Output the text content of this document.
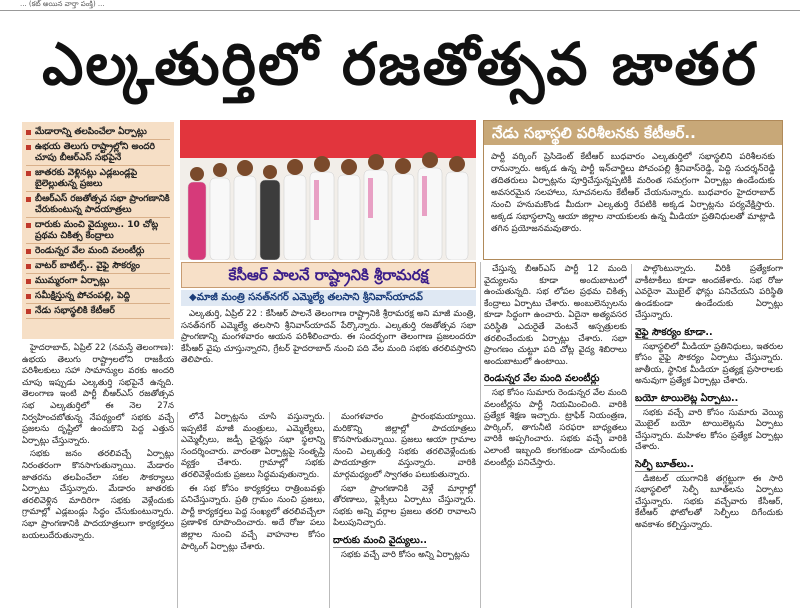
... (కట్ అయిన వార్తా పంక్తి) ...
ఎల్కతుర్తిలో రజతోత్సవ జాతర
మేడారాన్ని తలపించేలా ఏర్పాట్లు
ఉభయ తెలుగు రాష్ట్రాల్లోని అందరి చూపు బీఆర్ఎస్ సభపైనే
జాతరకు వెళ్లినట్లు ఎడ్లబండ్లపై బైలెల్లుతున్న ప్రజలు
బీఆర్ఎస్ రజతోత్సవ సభా ప్రాంగణానికి చేరుకుంటున్న పాదయాత్రలు
దారుకు మంచి వైద్యులు.. 10 చోట్ల ప్రథమ చికిత్స కేంద్రాలు
రెండున్నర వేల మంది వలంటీర్లు
వాటర్ బాటిల్స్.. వైఫై సౌకర్యం
ముమ్మరంగా ఏర్పాట్లు
సమీక్షిస్తున్న పోచంపల్లి, పెద్ది
నేడు సభాస్థలికి కేటీఆర్
కేసీఆర్ పాలనే రాష్ట్రానికి శ్రీరామరక్ష
◆ మాజీ మంత్రి సనత్‌నగర్ ఎమ్మెల్యే తలసాని శ్రీనివాస్‌యాదవ్
నేడు సభాస్థలి పరిశీలనకు కేటీఆర్..
పార్టీ వర్కింగ్ ప్రెసిడెంట్ కేటీఆర్ బుధవారం ఎల్కతుర్తిలో సభాస్థలిని పరిశీలనకు రానున్నారు. అక్కడ ఉన్న పార్టీ ఇన్‌చార్జిలు పోచంపల్లి శ్రీనివాస్‌రెడ్డి, పెద్ది సుదర్శన్‌రెడ్డి తదితరులు ఏర్పాట్లను పూర్తిచేస్తున్నప్పటికీ మరింత సమగ్రంగా ఏర్పాట్లు ఉండేందుకు అవసరమైన సలహాలు, సూచనలను కేటీఆర్ చేయనున్నారు. బుధవారం హైదరాబాద్ నుంచి హనుమకొండ మీదుగా ఎల్కతుర్తి రేపటికి అక్కడ ఏర్పాట్లను పర్యవేక్షిస్తారు. అక్కడ సభాస్థలాన్ని ఆయా జిల్లాల నాయకులకు ఉన్న మీడియా ప్రతినిధులతో మాట్లాడి తగిన ప్రయోజనమవుతారు.

ఎల్కతుర్తి, ఏప్రిల్ 22 : కేసీఆర్ పాలనే తెలంగాణ రాష్ట్రానికి శ్రీరామరక్ష అని మాజీ మంత్రి, సనత్‌నగర్ ఎమ్మెల్యే తలసాని శ్రీనివాస్‌యాదవ్ పేర్కొన్నారు. ఎల్కతుర్తి రజతోత్సవ సభా ప్రాంగణాన్ని మంగళవారం ఆయన పరిశీలించారు. ఈ సందర్భంగా తెలంగాణ ప్రజలందరూ కేసీఆర్ వైపు చూస్తున్నారని, గ్రేటర్ హైదరాబాద్ నుంచి పది వేల మంది సభకు తరలివస్తారని తెలిపారు.

హైదరాబాద్, ఏప్రిల్ 22 (నమస్తే తెలంగాణ): ఉభయ తెలుగు రాష్ట్రాలలోని రాజకీయ పరిశీలకులు సహా సామాన్యుల వరకు అందరి చూపు ఇప్పుడు ఎల్కతుర్తి సభపైనే ఉన్నది. తెలంగాణ ఇంటి పార్టీ బీఆర్ఎస్ రజతోత్సవ సభ ఎల్కతుర్తిలో ఈ నెల 27న నిర్వహించబోతున్న నేపథ్యంలో సభకు వచ్చే ప్రజలను దృష్టిలో ఉంచుకొని పెద్ద ఎత్తున ఏర్పాట్లు చేస్తున్నారు.

సభకు జనం తరలివచ్చే ఏర్పాట్లు నిరంతరంగా కొనసాగుతున్నాయి. మేడారం జాతరను తలపించేలా సకల సౌకర్యాలు ఏర్పాటు చేస్తున్నారు. మేడారం జాతరకు తరలివెళ్లిన మాదిరిగా సభకు వెళ్లేందుకు గ్రామాల్లో ఎడ్లబండ్లు సిద్ధం చేసుకుంటున్నారు. సభా ప్రాంగణానికి పాదయాత్రలుగా కార్యకర్తలు బయలుదేరుతున్నారు.

లోనే ఏర్పాట్లను చూసి వస్తున్నారు. ఇప్పటికే మాజీ మంత్రులు, ఎమ్మెల్యేలు, ఎమ్మెల్సీలు, జడ్పీ ఛైర్మన్లు సభా స్థలాన్ని సందర్శించారు. వారంతా ఏర్పాట్లపై సంతృప్తి వ్యక్తం చేశారు. గ్రామాల్లో సభకు తరలివెళ్లేందుకు ప్రజలు సిద్ధమవుతున్నారు.

ఈ సభ కోసం కార్యకర్తలు రాత్రింబవళ్లు పనిచేస్తున్నారు. ప్రతి గ్రామం నుంచి ప్రజలు, పార్టీ కార్యకర్తలు పెద్ద సంఖ్యలో తరలివచ్చేలా ప్రణాళిక రూపొందించారు. అదే రోజు పలు జిల్లాల నుంచి వచ్చే వాహనాల కోసం పార్కింగ్ ఏర్పాట్లు చేశారు.

మంగళవారం ప్రారంభమయ్యాయి. మరికొన్ని జిల్లాల్లో పాదయాత్రలు కొనసాగుతున్నాయి. ప్రజలు ఆయా గ్రామాల నుంచి ఎల్కతుర్తి సభకు తరలివెళ్లేందుకు పాదయాత్రగా వస్తున్నారు. వారికి మార్గమధ్యంలో స్వాగతం పలుకుతున్నారు.

సభా ప్రాంగణానికి వెళ్లే మార్గాల్లో తోరణాలు, ఫ్లెక్సీలు ఏర్పాటు చేస్తున్నారు. సభకు అన్ని వర్గాల ప్రజలు తరలి రావాలని పిలుపునిచ్చారు.

దారుకు మంచి వైద్యులు..

సభకు వచ్చే వారి కోసం అన్ని ఏర్పాట్లను

చేస్తున్న బీఆర్ఎస్ పార్టీ 12 మంది వైద్యులను కూడా అందుబాటులో ఉంచుతున్నది. సభ లోపల ప్రథమ చికిత్స కేంద్రాలు ఏర్పాటు చేశారు. అంబులెన్సులను కూడా సిద్ధంగా ఉంచారు. ఏదైనా అత్యవసర పరిస్థితి ఎదురైతే వెంటనే ఆస్పత్రులకు తరలించేందుకు ఏర్పాట్లు చేశారు. సభా ప్రాంగణం చుట్టూ పది చోట్ల వైద్య శిబిరాలు అందుబాటులో ఉంటాయి.

రెండున్నర వేల మంది వలంటీర్లు

సభ కోసం సుమారు రెండున్నర వేల మంది వలంటీర్లను పార్టీ నియమించింది. వారికి ప్రత్యేక శిక్షణ ఇచ్చారు. ట్రాఫిక్ నియంత్రణ, పార్కింగ్, తాగునీటి సరఫరా బాధ్యతలు వారికి అప్పగించారు. సభకు వచ్చే వారికి ఎలాంటి ఇబ్బంది కలగకుండా చూసేందుకు వలంటీర్లు పనిచేస్తారు.

పాల్గొంటున్నారు. వీరికి ప్రత్యేకంగా వాకీటాకీలు కూడా అందజేశారు. సభ రోజు ఎవరైనా మొబైల్ ఫోన్లు పనిచేయని పరిస్థితి ఉండకుండా ఉండేందుకు ఏర్పాట్లు చేస్తున్నారు.

వైఫై సౌకర్యం కూడా..

సభాస్థలిలో మీడియా ప్రతినిధులు, ఇతరుల కోసం వైఫై సౌకర్యం ఏర్పాటు చేస్తున్నారు. జాతీయ, స్థానిక మీడియా ప్రత్యక్ష ప్రసారాలకు అనువుగా ప్రత్యేక ఏర్పాట్లు చేశారు.

బయో టాయిలెట్ల ఏర్పాటు..

సభకు వచ్చే వారి కోసం సుమారు వెయ్యి మొబైల్ బయో టాయిలెట్లను ఏర్పాటు చేస్తున్నారు. మహిళల కోసం ప్రత్యేక ఏర్పాట్లు చేశారు.

సెల్ఫీ బూత్‌లు..

డిజిటల్ యుగానికి తగ్గట్టుగా ఈ సారి సభాస్థలిలో సెల్ఫీ బూత్‌లను ఏర్పాటు చేస్తున్నారు. సభకు వచ్చేవారు కేసీఆర్, కేటీఆర్ ఫోటోలతో సెల్ఫీలు దిగేందుకు అవకాశం కల్పిస్తున్నారు.
